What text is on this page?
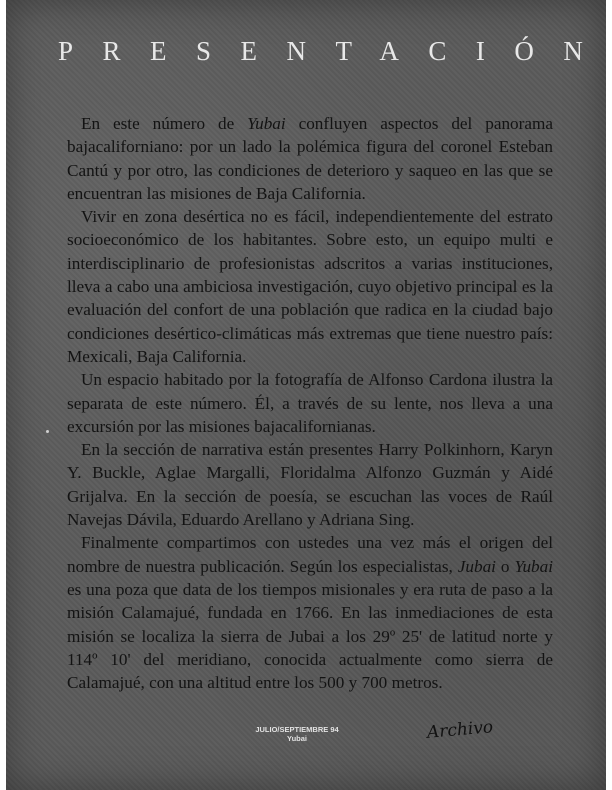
PRESENTACIÓN

En este número de Yubai confluyen aspectos del panorama bajacaliforniano: por un lado la polémica figura del coronel Esteban Cantú y por otro, las condiciones de deterioro y saqueo en las que se encuentran las misiones de Baja California.

Vivir en zona desértica no es fácil, independientemente del estrato socioeconómico de los habitantes. Sobre esto, un equipo multi e interdisciplinario de profesionistas adscritos a varias instituciones, lleva a cabo una ambiciosa investigación, cuyo objetivo principal es la evaluación del confort de una población que radica en la ciudad bajo condiciones desértico-climáticas más extremas que tiene nuestro país: Mexicali, Baja California.

Un espacio habitado por la fotografía de Alfonso Cardona ilustra la separata de este número. Él, a través de su lente, nos lleva a una excursión por las misiones bajacalifornianas.

En la sección de narrativa están presentes Harry Polkinhorn, Karyn Y. Buckle, Aglae Margalli, Floridalma Alfonzo Guzmán y Aidé Grijalva. En la sección de poesía, se escuchan las voces de Raúl Navejas Dávila, Eduardo Arellano y Adriana Sing.

Finalmente compartimos con ustedes una vez más el origen del nombre de nuestra publicación. Según los especialistas, Jubai o Yubai es una poza que data de los tiempos misionales y era ruta de paso a la misión Calamajué, fundada en 1766. En las inmediaciones de esta misión se localiza la sierra de Jubai a los 29º 25' de latitud norte y 114º 10' del meridiano, conocida actualmente como sierra de Calamajué, con una altitud entre los 500 y 700 metros.

JULIO/SEPTIEMBRE 94
Yubai	Archivo
